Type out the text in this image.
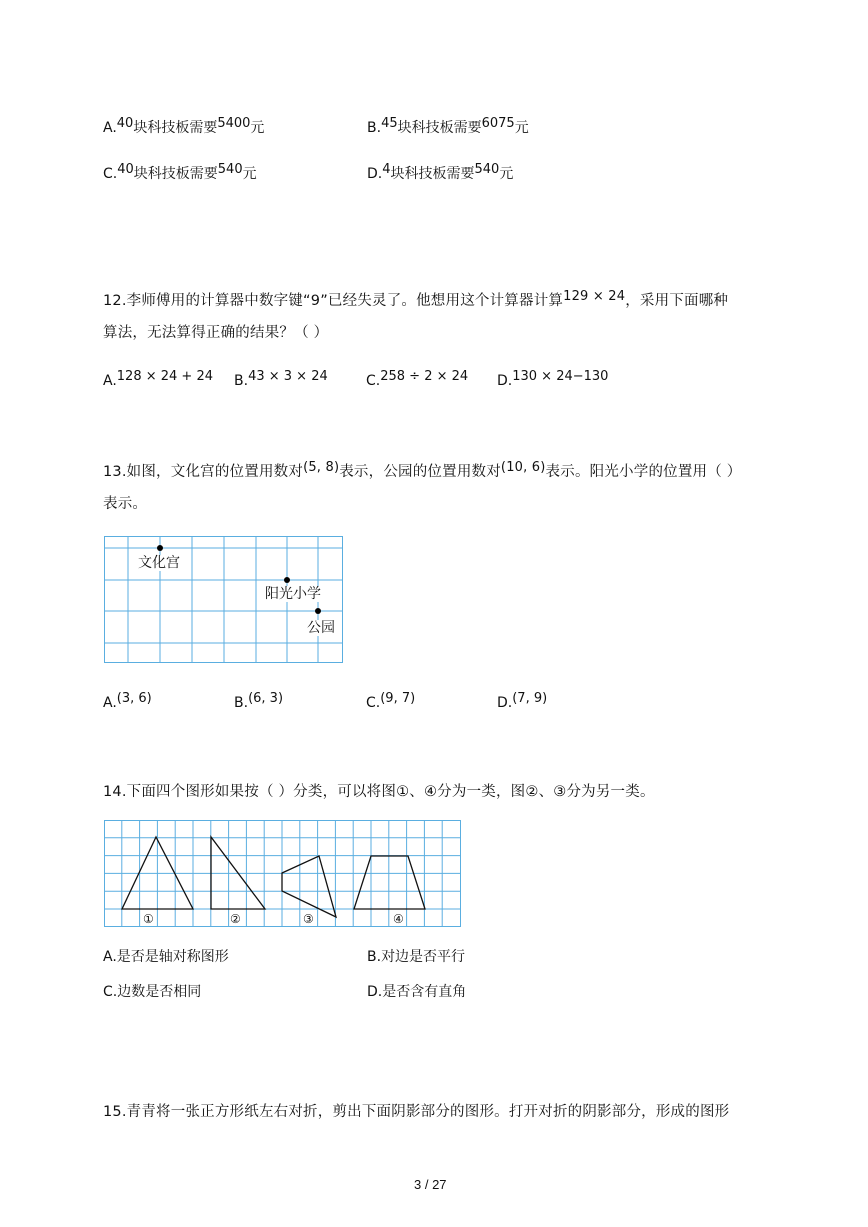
A.40块科技板需要5400元	B.45块科技板需要6075元
C.40块科技板需要540元	D.4块科技板需要540元
12.李师傅用的计算器中数字键“9”已经失灵了。他想用这个计算器计算129 × 24，采用下面哪种
算法，无法算得正确的结果？（ ）
A.128 × 24 + 24 B.43 × 3 × 24	C.258 ÷ 2 × 24 D.130 × 24−130
13.如图，文化宫的位置用数对(5, 8)表示，公园的位置用数对(10, 6)表示。阳光小学的位置用（ ）
表示。
文化宫
阳光小学
公园
A.(3, 6)	B.(6, 3)	C.(9, 7)	D.(7, 9)
14.下面四个图形如果按（ ）分类，可以将图①、④分为一类，图②、③分为另一类。
①	②	③	④
A.是否是轴对称图形	B.对边是否平行
C.边数是否相同	D.是否含有直角
15.青青将一张正方形纸左右对折，剪出下面阴影部分的图形。打开对折的阴影部分，形成的图形
3 / 27
